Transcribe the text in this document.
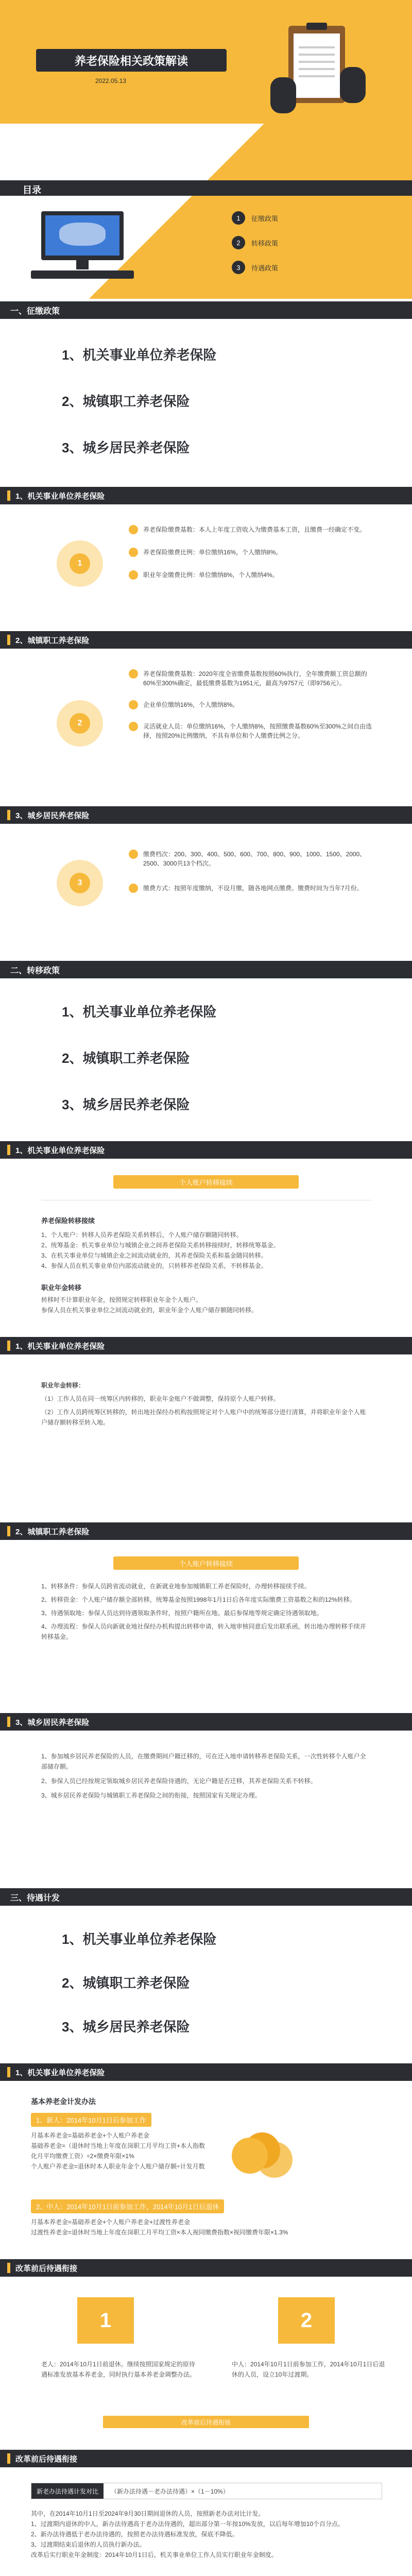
养老保险相关政策解读
2022.05.13
目录
1	征缴政策
2	转移政策
3	待遇政策
一、 征缴政策
1、机关事业单位养老保险
2、城镇职工养老保险
3、城乡居民养老保险
1、机关事业单位养老保险
1
养老保险缴费基数：本人上年度工资收入为缴费基本工资，且缴费一经确定不变。
养老保险缴费比例：单位缴纳16%，个人缴纳8%。
职业年金缴费比例：单位缴纳8%，个人缴纳4%。
2、城镇职工养老保险
2
养老保险缴费基数：2020年度全省缴费基数按照60%执行，全年缴费额工资总额的60%至300%确定，最低缴费基数为1951元，最高为9757元（即9756元）。
企业单位缴纳16%，个人缴纳8%。
灵活就业人员：单位缴纳16%，个人缴纳8%，按照缴费基数60%至300%之间自由选择，按照20%比例缴纳，不具有单位和个人缴费比例之分。
3、城乡居民养老保险
3
缴费档次：200、300、400、500、600、700、800、900、1000、1500、2000、2500、3000共13个档次。
缴费方式：按照年度缴纳，不设月缴，随各地网点缴费。缴费时间为当年7月份。
二、 转移政策
1、机关事业单位养老保险
2、城镇职工养老保险
3、城乡居民养老保险
1、机关事业单位养老保险
个人账户转移接续
养老保险转移接续
1、个人账户：转移人员养老保险关系转移后，个人账户储存额随同转移。
2、统筹基金：机关事业单位与城镇企业之间养老保险关系转移接续时，转移统筹基金。
3、在机关事业单位与城镇企业之间流动就业的，其养老保险关系和基金随同转移。
4、参保人员在机关事业单位内部流动就业的，只转移养老保险关系，不转移基金。
职业年金转移
转移时不计算职业年金，按照规定转移职业年金个人账户。
参保人员在机关事业单位之间流动就业的，职业年金个人账户储存额随同转移。
1、机关事业单位养老保险
职业年金转移：
（1）工作人员在同一统筹区内转移的，职业年金账户不做调整，保持原个人账户转移。
（2）工作人员跨统筹区转移的，转出地社保经办机构按照规定对个人账户中的统筹部分进行清算，并将职业年金个人账户储存额转移至转入地。
2、城镇职工养老保险
个人账户转移接续
1、转移条件：参保人员跨省流动就业，在新就业地参加城镇职工养老保险时，办理转移接续手续。
2、转移资金：个人账户储存额全部转移，统筹基金按照1998年1月1日后各年度实际缴费工资基数之和的12%转移。
3、待遇领取地：参保人员达到待遇领取条件时，按照户籍所在地、最后参保地等规定确定待遇领取地。
4、办理流程：参保人员向新就业地社保经办机构提出转移申请，转入地审核同意后发出联系函，转出地办理转移手续并转移基金。
3、城乡居民养老保险
1、参加城乡居民养老保险的人员，在缴费期间户籍迁移的，可在迁入地申请转移养老保险关系，一次性转移个人账户全部储存额。
2、参保人员已经按规定领取城乡居民养老保险待遇的，无论户籍是否迁移，其养老保险关系不转移。
3、城乡居民养老保险与城镇职工养老保险之间的衔接，按照国家有关规定办理。
三、 待遇计发
1、机关事业单位养老保险
2、城镇职工养老保险
3、城乡居民养老保险
1、机关事业单位养老保险
基本养老金计发办法
1、新人：2014年10月1日后参加工作
月基本养老金=基础养老金+个人账户养老金
基础养老金=（退休时当地上年度在岗职工月平均工资+本人指数化月平均缴费工资）÷2×缴费年限×1%
个人账户养老金=退休时本人职业年金个人账户储存额÷计发月数
2、中人：2014年10月1日前参加工作，2014年10月1日后退休
月基本养老金=基础养老金+个人账户养老金+过渡性养老金
过渡性养老金=退休时当地上年度在岗职工月平均工资×本人视同缴费指数×视同缴费年限×1.3%
改革前后待遇衔接
1	2
老人：2014年10月1日前退休。继续按照国家规定的原待遇标准发放基本养老金，同时执行基本养老金调整办法。
中人：2014年10月1日前参加工作，2014年10月1日后退休的人员，设立10年过渡期。
改革前后待遇衔接
改革前后待遇衔接
新老办法待遇计发对比	（新办法待遇－老办法待遇）×（1－10%）
其中，在2014年10月1日至2024年9月30日期间退休的人员，按照新老办法对比计发。
1、过渡期内退休的中人，新办法待遇高于老办法待遇的，超出部分第一年按10%发放，以后每年增加10个百分点。
2、新办法待遇低于老办法待遇的，按照老办法待遇标准发放，保底不降低。
3、过渡期结束后退休的人员执行新办法。
改革后实行职业年金制度：2014年10月1日后，机关事业单位工作人员实行职业年金制度。
